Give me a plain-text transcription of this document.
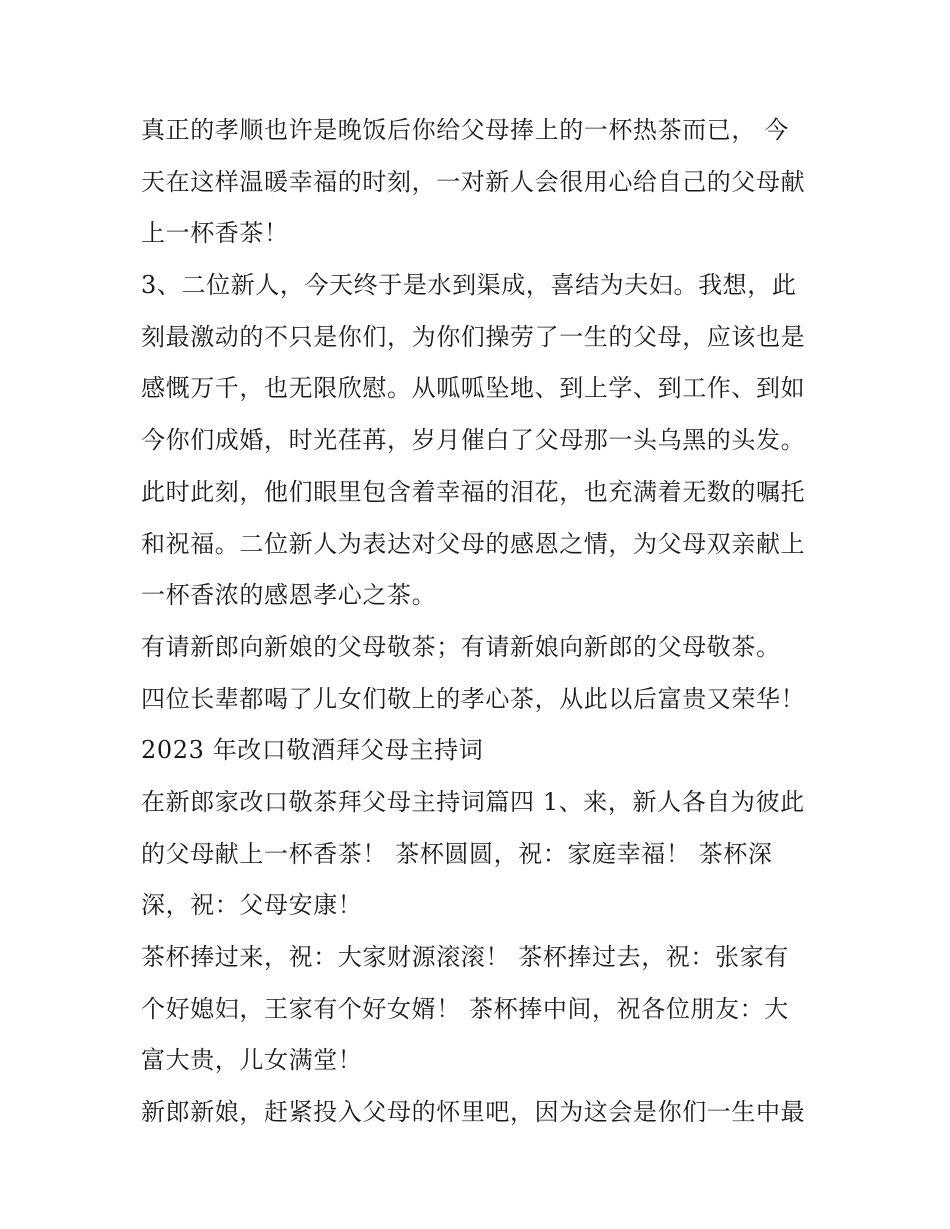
真正的孝顺也许是晚饭后你给父母捧上的一杯热茶而已， 今
天在这样温暖幸福的时刻，一对新人会很用心给自己的父母献
上一杯香茶！
3、二位新人，今天终于是水到渠成，喜结为夫妇。我想，此
刻最激动的不只是你们，为你们操劳了一生的父母，应该也是
感慨万千，也无限欣慰。从呱呱坠地、到上学、到工作、到如
今你们成婚，时光荏苒，岁月催白了父母那一头乌黑的头发。
此时此刻，他们眼里包含着幸福的泪花，也充满着无数的嘱托
和祝福。二位新人为表达对父母的感恩之情，为父母双亲献上
一杯香浓的感恩孝心之茶。
有请新郎向新娘的父母敬茶；有请新娘向新郎的父母敬茶。
四位长辈都喝了儿女们敬上的孝心茶，从此以后富贵又荣华！
2023 年改口敬酒拜父母主持词
在新郎家改口敬茶拜父母主持词篇四 1、来，新人各自为彼此
的父母献上一杯香茶！ 茶杯圆圆，祝：家庭幸福！ 茶杯深
深，祝：父母安康！
茶杯捧过来，祝：大家财源滚滚！ 茶杯捧过去，祝：张家有
个好媳妇，王家有个好女婿！ 茶杯捧中间，祝各位朋友：大
富大贵，儿女满堂！
新郎新娘，赶紧投入父母的怀里吧，因为这会是你们一生中最
